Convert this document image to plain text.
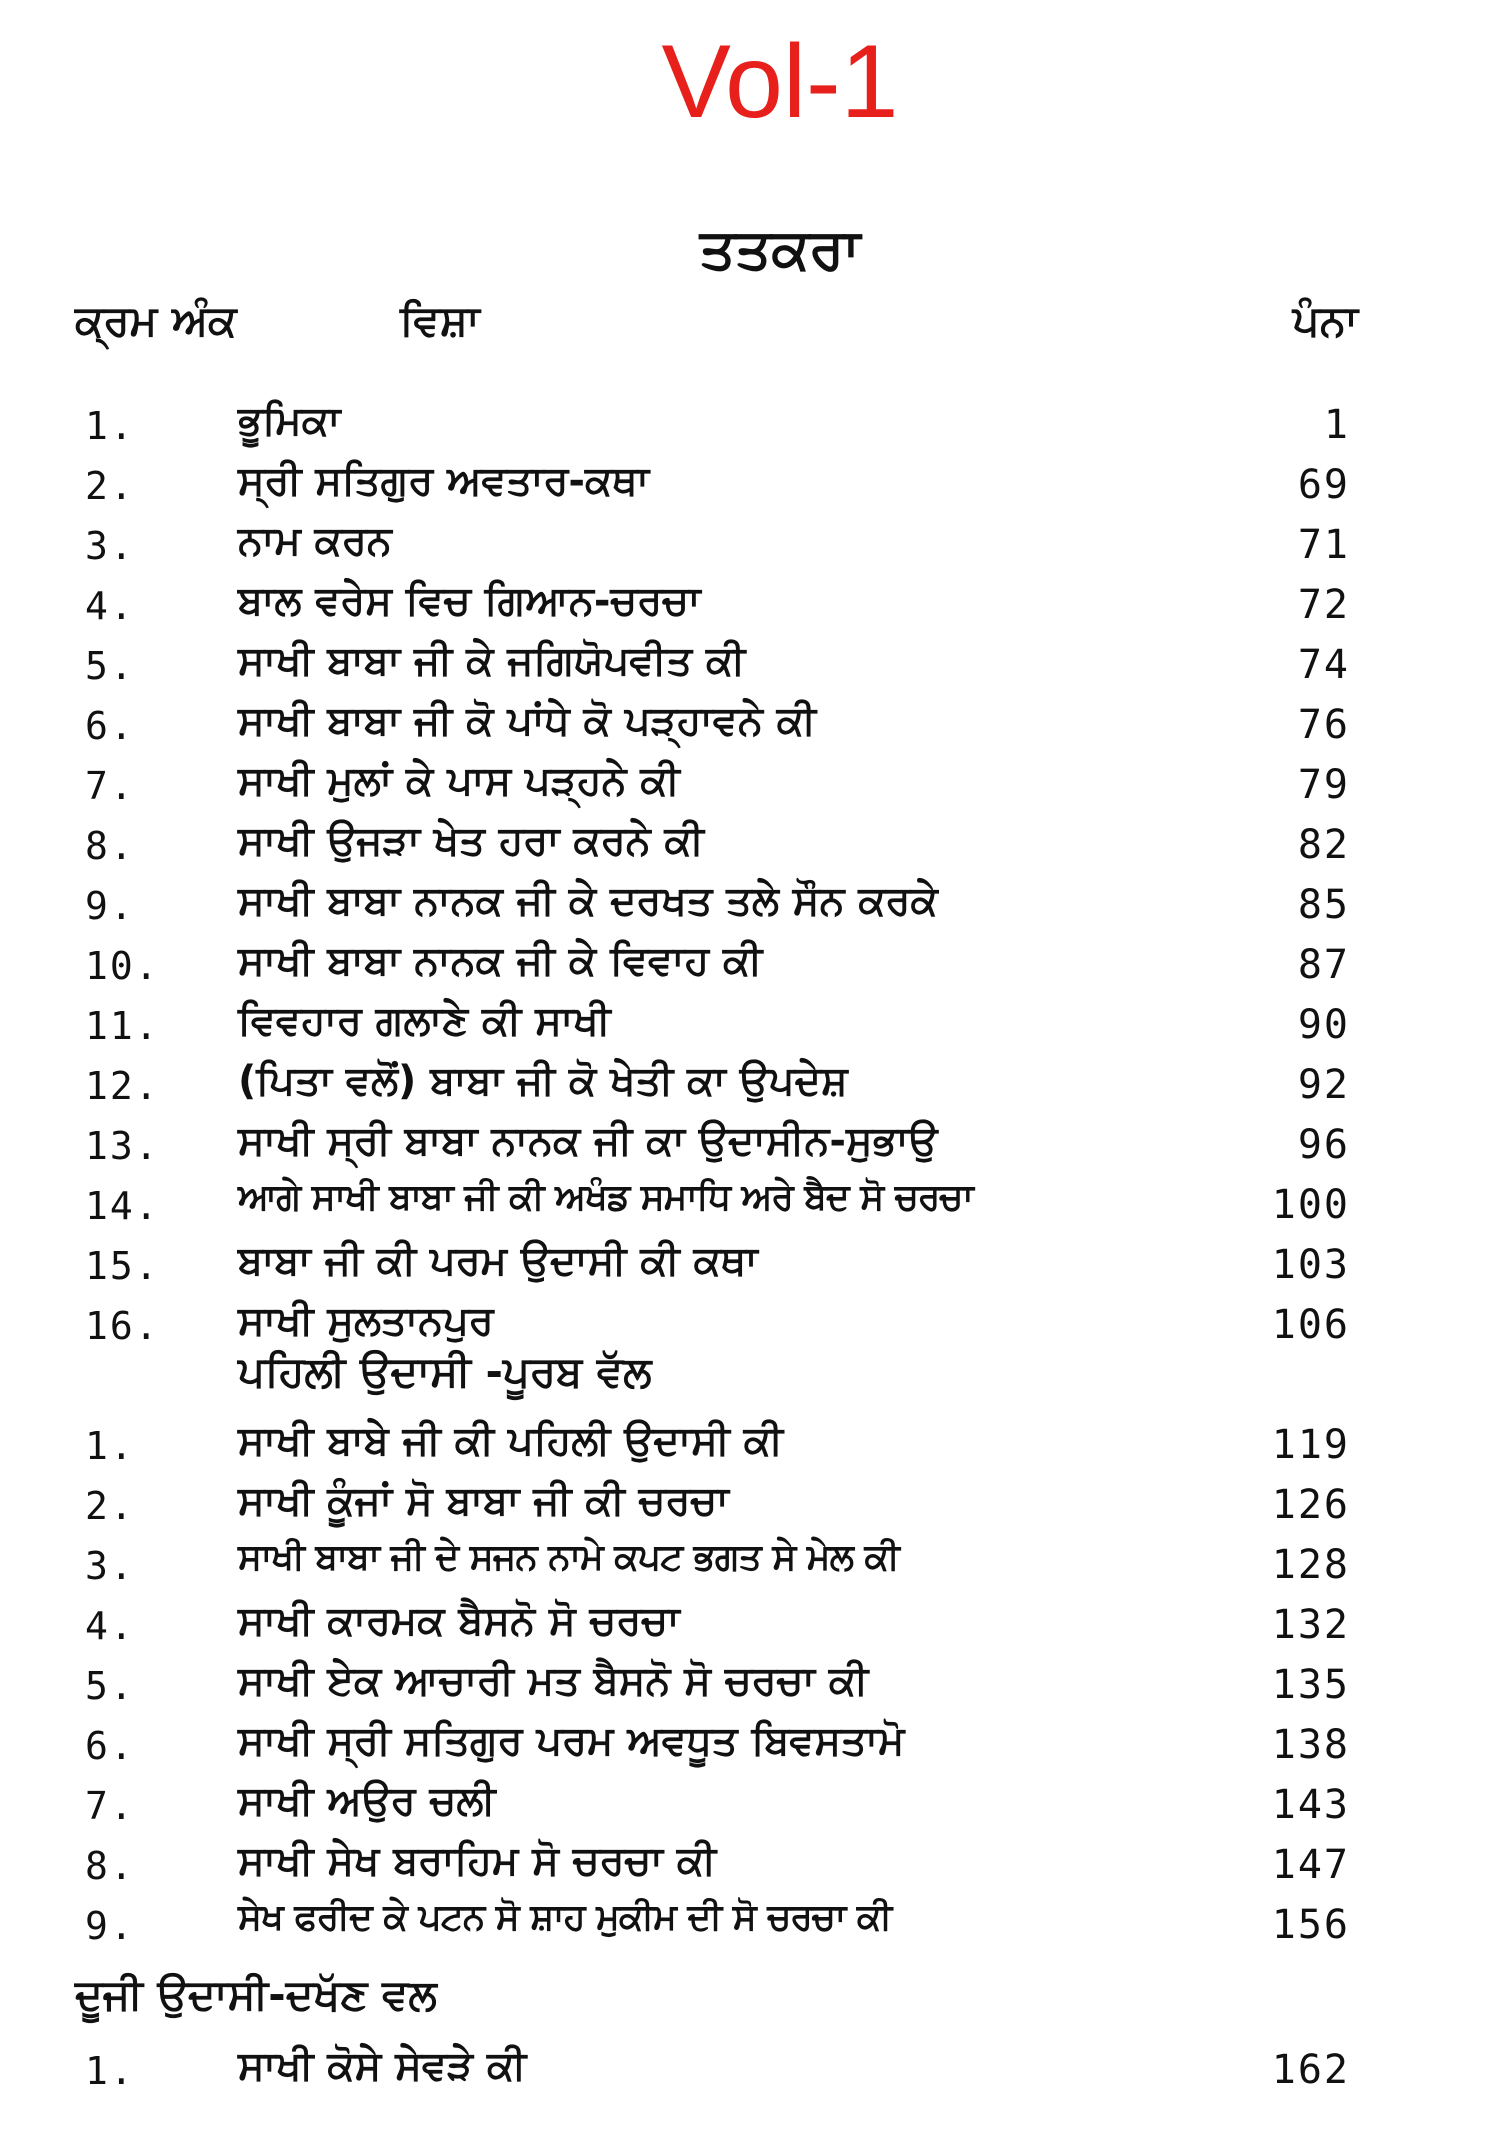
Vol-1
ਤਤਕਰਾ
ਕ੍ਰਮ ਅੰਕ	ਵਿਸ਼ਾ	ਪੰਨਾ
1.	ਭੂਮਿਕਾ	1
2.	ਸ੍ਰੀ ਸਤਿਗੁਰ ਅਵਤਾਰ-ਕਥਾ	69
3.	ਨਾਮ ਕਰਨ	71
4.	ਬਾਲ ਵਰੇਸ ਵਿਚ ਗਿਆਨ-ਚਰਚਾ	72
5.	ਸਾਖੀ ਬਾਬਾ ਜੀ ਕੇ ਜਗਿਯੋਪਵੀਤ ਕੀ	74
6.	ਸਾਖੀ ਬਾਬਾ ਜੀ ਕੋ ਪਾਂਧੇ ਕੋ ਪੜ੍ਹਾਵਨੇ ਕੀ	76
7.	ਸਾਖੀ ਮੁਲਾਂ ਕੇ ਪਾਸ ਪੜ੍ਹਨੇ ਕੀ	79
8.	ਸਾਖੀ ਉਜੜਾ ਖੇਤ ਹਰਾ ਕਰਨੇ ਕੀ	82
9.	ਸਾਖੀ ਬਾਬਾ ਨਾਨਕ ਜੀ ਕੇ ਦਰਖਤ ਤਲੇ ਸੌਨ ਕਰਕੇ	85
10. ਸਾਖੀ ਬਾਬਾ ਨਾਨਕ ਜੀ ਕੇ ਵਿਵਾਹ ਕੀ	87
11. ਵਿਵਹਾਰ ਗਲਾਣੇ ਕੀ ਸਾਖੀ	90
12. (ਪਿਤਾ ਵਲੋਂ) ਬਾਬਾ ਜੀ ਕੋ ਖੇਤੀ ਕਾ ਉਪਦੇਸ਼	92
13. ਸਾਖੀ ਸ੍ਰੀ ਬਾਬਾ ਨਾਨਕ ਜੀ ਕਾ ਉਦਾਸੀਨ-ਸੁਭਾਉ	96
14. ਆਗੇ ਸਾਖੀ ਬਾਬਾ ਜੀ ਕੀ ਅਖੰਡ ਸਮਾਧਿ ਅਰੇ ਬੈਦ ਸੋ ਚਰਚਾ	100
15. ਬਾਬਾ ਜੀ ਕੀ ਪਰਮ ਉਦਾਸੀ ਕੀ ਕਥਾ	103
16. ਸਾਖੀ ਸੁਲਤਾਨਪੁਰ	106
ਪਹਿਲੀ ਉਦਾਸੀ -ਪੂਰਬ ਵੱਲ
1.	ਸਾਖੀ ਬਾਬੇ ਜੀ ਕੀ ਪਹਿਲੀ ਉਦਾਸੀ ਕੀ	119
2.	ਸਾਖੀ ਕੂੰਜਾਂ ਸੋ ਬਾਬਾ ਜੀ ਕੀ ਚਰਚਾ	126
3.	ਸਾਖੀ ਬਾਬਾ ਜੀ ਦੇ ਸਜਨ ਨਾਮੇ ਕਪਟ ਭਗਤ ਸੇ ਮੇਲ ਕੀ	128
4.	ਸਾਖੀ ਕਾਰਮਕ ਬੈਸਨੋ ਸੋ ਚਰਚਾ	132
5.	ਸਾਖੀ ਏਕ ਆਚਾਰੀ ਮਤ ਬੈਸਨੋ ਸੋ ਚਰਚਾ ਕੀ	135
6.	ਸਾਖੀ ਸ੍ਰੀ ਸਤਿਗੁਰ ਪਰਮ ਅਵਧੂਤ ਬਿਵਸਤਾਮੋ	138
7.	ਸਾਖੀ ਅਉਰ ਚਲੀ	143
8.	ਸਾਖੀ ਸੇਖ ਬਰਾਹਿਮ ਸੋ ਚਰਚਾ ਕੀ	147
9.	ਸੇਖ ਫਰੀਦ ਕੇ ਪਟਨ ਸੋ ਸ਼ਾਹ ਮੁਕੀਮ ਦੀ ਸੋ ਚਰਚਾ ਕੀ	156
ਦੂਜੀ ਉਦਾਸੀ-ਦਖੱਣ ਵਲ
1.	ਸਾਖੀ ਕੋਸੇ ਸੇਵੜੇ ਕੀ	162
